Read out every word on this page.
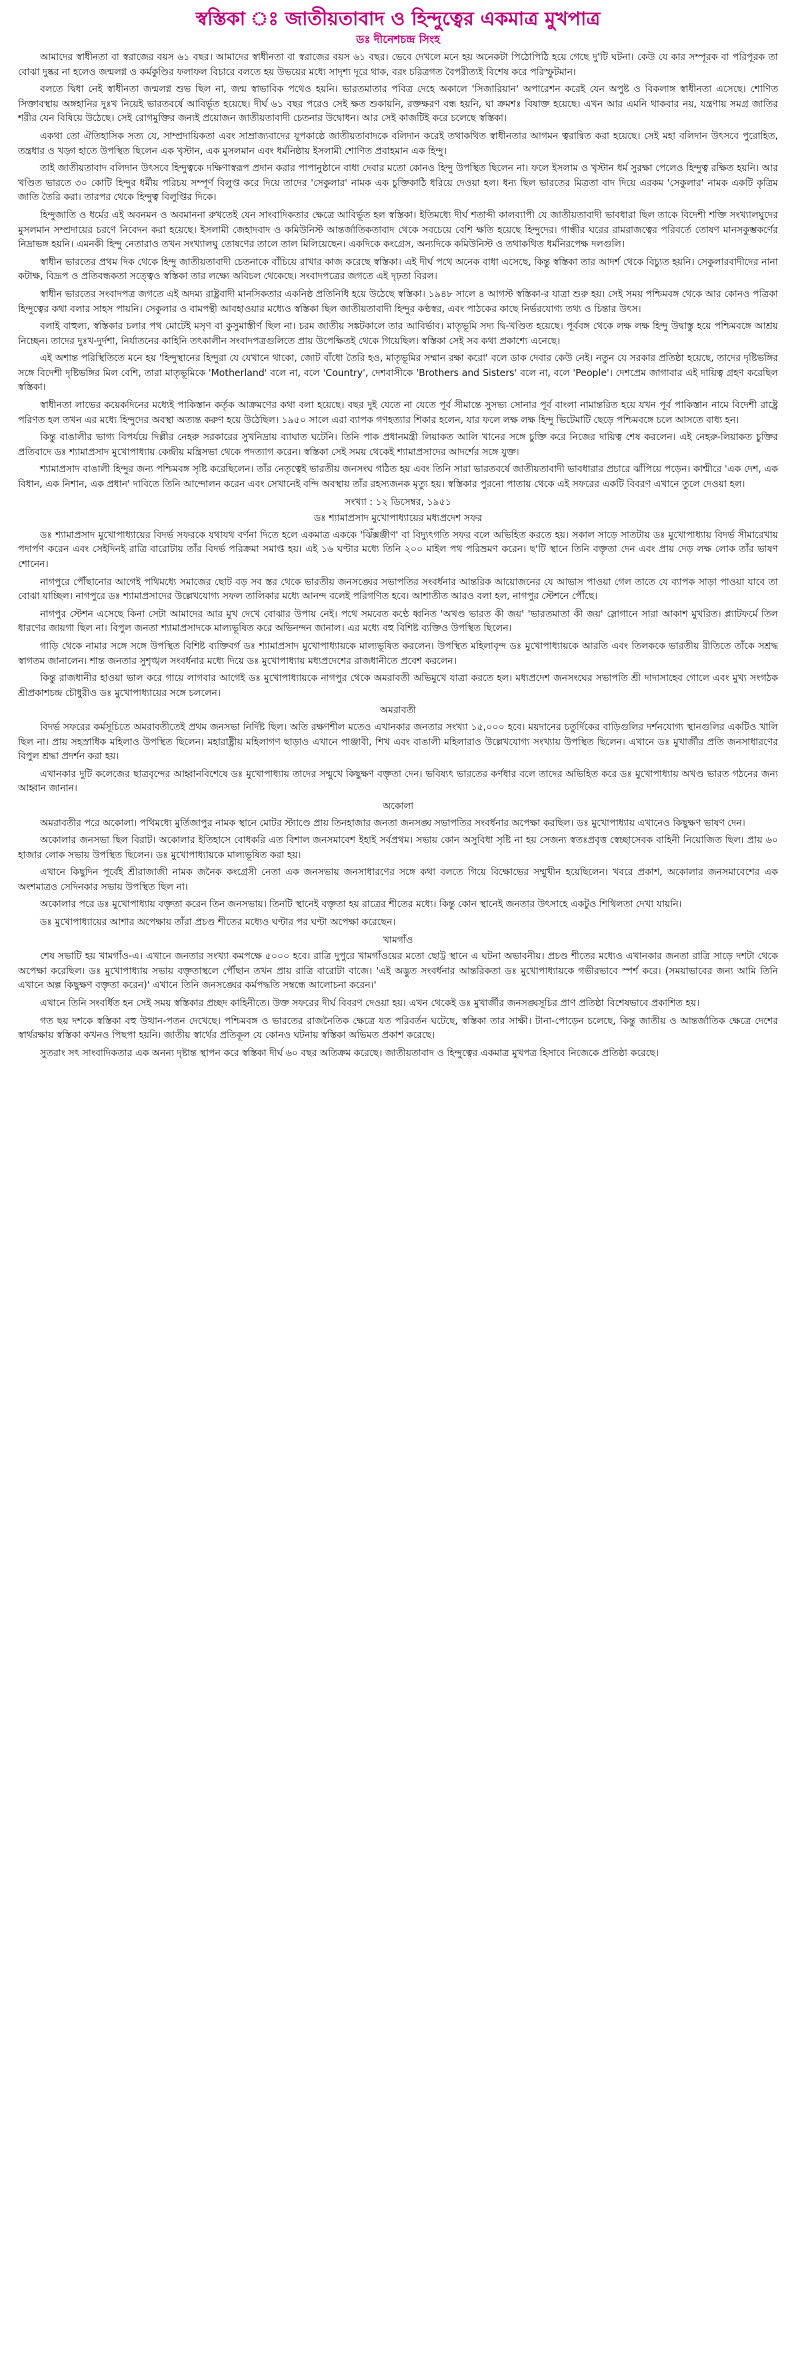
স্বস্তিকা ঃ জাতীয়তাবাদ ও হিন্দুত্বের একমাত্র মুখপাত্র
ডঃ দীনেশচন্দ্র সিংহ

আমাদের স্বাধীনতা বা স্বরাজের বয়স ৬১ বছর। আমাদের স্বাধীনতা বা স্বরাজের বয়স ৬১ বছর। ভেবে দেখলে মনে হয় অনেকটা পিঠোপিঠি হয়ে গেছে দু'টি ঘটনা। কেউ যে কার সম্পূরক বা পরিপূরক তা বোঝা দুষ্কর না হলেও জন্মলগ্ন ও কর্মকুণ্ডির ফলাফল বিচারে বলতে হয় উভয়ের মধ্যে সাদৃশ্য দূরে থাক, বরং চরিত্রগত বৈপরীত্যই বিশেষ করে পরিস্ফুটমান।

বলতে দ্বিধা নেই স্বাধীনতা জন্মলগ্ন শুভ ছিল না, জন্ম স্বাভাবিক পথেও হয়নি। ভারতমাতার পবিত্র দেহে অকালে 'সিজারিয়ান' অপারেশন করেই যেন অপুষ্ট ও বিকলাঙ্গ স্বাধীনতা এসেছে। শোণিত সিক্তাবস্থায় অঙ্গহানির দুঃখ নিয়েই ভারতবর্ষে আবির্ভূত হয়েছে। দীর্ঘ ৬১ বছর পরেও সেই ক্ষত শুকায়নি, রক্তক্ষরণ বন্ধ হয়নি, ঘা ক্রমশঃ বিষাক্ত হয়েছে। এখন আর এমনি থাকবার নয়, যন্ত্রণায় সমগ্র জাতির শরীর যেন বিষিয়ে উঠেছে। সেই রোগমুক্তির জন্যই প্রয়োজন জাতীয়তাবাদী চেতনার উদ্বোধন। আর সেই কাজটিই করে চলেছে স্বস্তিকা।

একথা তো ঐতিহাসিক সত্য যে, সাম্প্রদায়িকতা এবং সাম্রাজ্যবাদের যূপকাষ্ঠে জাতীয়তাবাদকে বলিদান করেই তথাকথিত স্বাধীনতার আগমন ত্বরান্বিত করা হয়েছে। সেই মহা বলিদান উৎসবে পুরোহিত, তন্ত্রধার ও খড়্গ হাতে উপস্থিত ছিলেন এক খৃস্টান, এক মুসলমান এবং ধর্মনিষ্ঠায় ইসলামী শোণিত প্রবাহমান এক হিন্দু।

তাই জাতীয়তাবাদ বলিদান উৎসবে হিন্দুত্বকে দক্ষিণাস্বরূপ প্রদান করার পাপানুষ্ঠানে বাধা দেবার মতো কোনও হিন্দু উপস্থিত ছিলেন না। ফলে ইসলাম ও খৃস্টান ধর্ম সুরক্ষা পেলেও হিন্দুত্ব রক্ষিত হয়নি। আর খণ্ডিত ভারতে ৩০ কোটি হিন্দুর ধর্মীয় পরিচয় সম্পূর্ণ বিলুপ্ত করে দিয়ে তাদের 'সেকুলার' নামক এক চুক্তিকাঠি ধরিয়ে দেওয়া হল। ধন্য ছিল ভারতের মিত্রতা বাদ দিয়ে এরকম 'সেকুলার' নামক একটি কৃত্রিম জাতি তৈরি করা। তারপর থেকে হিন্দুত্ব বিলুপ্তির দিকে।

হিন্দুজাতি ও ধর্মের এই অবনমন ও অবমাননা রুখতেই যেন সাংবাদিকতার ক্ষেত্রে আবির্ভূত হল স্বস্তিকা। ইতিমধ্যে দীর্ঘ শতাব্দী কালব্যাপী যে জাতীয়তাবাদী ভাবধারা ছিল তাকে বিদেশী শক্তি সংখ্যালঘুদের মুসলমান সম্প্রদায়ের চরণে নিবেদন করা হয়েছে। ইসলামী জেহাদবাদ ও কমিউনিস্ট আন্তর্জাতিকতাবাদ থেকে সবচেয়ে বেশি ক্ষতি হয়েছে হিন্দুদের। গান্ধীর ঘরের রামরাজত্বের পরিবর্তে তোষণ মানসকুম্ভকর্ণের নিদ্রাভঙ্গ হয়নি। এমনকী হিন্দু নেতারাও তখন সংখ্যালঘু তোষণের তালে তাল মিলিয়েছেন। একদিকে কংগ্রেস, অন্যদিকে কমিউনিস্ট ও তথাকথিত ধর্মনিরপেক্ষ দলগুলি।

স্বাধীন ভারতের প্রথম দিক থেকে হিন্দু জাতীয়তাবাদী চেতনাকে বাঁচিয়ে রাখার কাজ করেছে স্বস্তিকা। এই দীর্ঘ পথে অনেক বাধা এসেছে, কিন্তু স্বস্তিকা তার আদর্শ থেকে বিচ্যুত হয়নি। সেকুলারবাদীদের নানা কটাক্ষ, বিদ্রূপ ও প্রতিবন্ধকতা সত্ত্বেও স্বস্তিকা তার লক্ষ্যে অবিচল থেকেছে। সংবাদপত্রের জগতে এই দৃঢ়তা বিরল।

স্বাধীন ভারতের সংবাদপত্র জগতে এই অদম্য রাষ্ট্রবাদী মানসিকতার একনিষ্ঠ প্রতিনিধি হয়ে উঠেছে স্বস্তিকা। ১৯৪৮ সালে ৪ আগস্ট স্বস্তিকা-র যাত্রা শুরু হয়। সেই সময় পশ্চিমবঙ্গ থেকে আর কোনও পত্রিকা হিন্দুত্বের কথা বলার সাহস পায়নি। সেকুলার ও বামপন্থী আবহাওয়ার মধ্যেও স্বস্তিকা ছিল জাতীয়তাবাদী হিন্দুর কণ্ঠস্বর, এবং পাঠকের কাছে নির্ভরযোগ্য তথ্য ও চিন্তার উৎস।

বলাই বাহুল্য, স্বস্তিকার চলার পথ মোটেই মসৃণ বা কুসুমাস্তীর্ণ ছিল না। চরম জাতীয় সঙ্কটকালে তার আবির্ভাব। মাতৃভূমি সদ্য দ্বি-খণ্ডিত হয়েছে। পূর্ববঙ্গ থেকে লক্ষ লক্ষ হিন্দু উদ্বাস্তু হয়ে পশ্চিমবঙ্গে আশ্রয় নিচ্ছেন। তাদের দুঃখ-দুর্দশা, নির্যাতনের কাহিনি তৎকালীন সংবাদপত্রগুলিতে প্রায় উপেক্ষিতই থেকে গিয়েছিল। স্বস্তিকা সেই সব কথা প্রকাশ্যে এনেছে।

এই অশান্ত পরিস্থিতিতে মনে হয় 'হিন্দুস্থানের হিন্দুরা যে যেখানে থাকো, জোট বাঁধো তৈরি হও, মাতৃভূমির সম্মান রক্ষা করো' বলে ডাক দেবার কেউ নেই। নতুন যে সরকার প্রতিষ্ঠা হয়েছে, তাদের দৃষ্টিভঙ্গির সঙ্গে বিদেশী দৃষ্টিভঙ্গির মিল বেশি, তারা মাতৃভূমিকে 'Motherland' বলে না, বলে 'Country', দেশবাসীকে 'Brothers and Sisters' বলে না, বলে 'People'। দেশপ্রেম জাগাবার এই দায়িত্ব গ্রহণ করেছিল স্বস্তিকা।

স্বাধীনতা লাভের কয়েকদিনের মধ্যেই পাকিস্তান কর্তৃক আক্রমণের কথা বলা হয়েছে। বছর দুই যেতে না যেতে পূর্ব সীমান্তে সুসভ্য সোনার পূর্ব বাংলা নামান্তরিত হয়ে যখন পূর্ব পাকিস্তান নামে বিদেশী রাষ্ট্রে পরিণত হল তখন এর মধ্যে হিন্দুদের অবস্থা অত্যন্ত করুণ হয়ে উঠেছিল। ১৯৫০ সালে এরা ব্যাপক গণহত্যার শিকার হলেন, যার ফলে লক্ষ লক্ষ হিন্দু ভিটেমাটি ছেড়ে পশ্চিমবঙ্গে চলে আসতে বাধ্য হন।

কিন্তু বাঙালীর ভাগ্য বিপর্যয়ে দিল্লীর নেহরু সরকারের সুখনিদ্রায় ব্যাঘাত ঘটেনি। তিনি পাক প্রধানমন্ত্রী লিয়াকত আলি খানের সঙ্গে চুক্তি করে নিজের দায়িত্ব শেষ করলেন। এই নেহরু-লিয়াকত চুক্তির প্রতিবাদে ডঃ শ্যামাপ্রসাদ মুখোপাধ্যায় কেন্দ্রীয় মন্ত্রিসভা থেকে পদত্যাগ করেন। স্বস্তিকা সেই সময় থেকেই শ্যামাপ্রসাদের আদর্শের সঙ্গে যুক্ত।

শ্যামাপ্রসাদ বাঙালী হিন্দুর জন্য পশ্চিমবঙ্গ সৃষ্টি করেছিলেন। তাঁর নেতৃত্বেই ভারতীয় জনসংঘ গঠিত হয় এবং তিনি সারা ভারতবর্ষে জাতীয়তাবাদী ভাবধারার প্রচারে ঝাঁপিয়ে পড়েন। কাশ্মীরে 'এক দেশ, এক বিধান, এক নিশান, এক প্রধান' দাবিতে তিনি আন্দোলন করেন এবং সেখানেই বন্দি অবস্থায় তাঁর রহস্যজনক মৃত্যু হয়। স্বস্তিকার পুরনো পাতায় থেকে এই সফরের একটি বিবরণ এখানে তুলে দেওয়া হল।

সংখ্যা : ১২ ডিসেম্বর, ১৯৫১
ডঃ শ্যামাপ্রসাদ মুখোপাধ্যায়ের মধ্যপ্রদেশ সফর

ডঃ শ্যামাপ্রসাদ মুখোপাধ্যায়ের বিদর্ভ সফরকে যথাযথ বর্ণনা দিতে হলে একমাত্র এককে 'ঝিঁক্সঞ্জীণ' বা বিদ্যুৎগতি সফর বলে অভিহিত করতে হয়। সকাল সাড়ে সাতটায় ডঃ মুখোপাধ্যায় বিদর্ভ সীমারেখায় পদার্পণ করেন এবং সেইদিনই রাত্রি বারোটায় তাঁর বিদর্ভ পরিক্রমা সমাপ্ত হয়। এই ১৬ ঘণ্টার মধ্যে তিনি ২০০ মাইল পথ পরিভ্রমণ করেন। ছ'টি স্থানে তিনি বক্তৃতা দেন এবং প্রায় দেড় লক্ষ লোক তাঁর ভাষণ শোনেন।

নাগপুরে পৌঁছানোর আগেই পথিমধ্যে সমাজের ছোট বড় সব স্তর থেকে ভারতীয় জনসঙ্ঘের সভাপতির সংবর্ধনার আন্তরিক আয়োজনের যে আভাস পাওয়া গেল তাতে যে ব্যাপক সাড়া পাওয়া যাবে তা বোঝা যাচ্ছিল। নাগপুরে ডঃ শ্যামাপ্রসাদের উল্লেখযোগ্য সফল তালিকার মধ্যে আনন্দ বলেই পরিগণিত হবে। আশাতীত আরও বলা হল, নাগপুর স্টেশনে পৌঁছে।

নাগপুর স্টেশন এসেছে কিনা সেটা আমাদের আর মুখ দেখে বোঝার উপায় নেই। পথে সমবেত কণ্ঠে ধ্বনিত 'অখণ্ড ভারত কী জয়' 'ভারতমাতা কী জয়' স্লোগানে সারা আকাশ মুখরিত। প্ল্যাটফর্মে তিল ধারণের জায়গা ছিল না। বিপুল জনতা শ্যামাপ্রসাদকে মাল্যভূষিত করে অভিনন্দন জানাল। এর মধ্যে বহু বিশিষ্ট ব্যক্তিও উপস্থিত ছিলেন।

গাড়ি থেকে নামার সঙ্গে সঙ্গে উপস্থিত বিশিষ্ট ব্যক্তিবর্গ ডঃ শ্যামাপ্রসাদ মুখোপাধ্যায়কে মাল্যভূষিত করলেন। উপস্থিত মহিলাবৃন্দ ডঃ মুখোপাধ্যায়কে আরতি এবং তিলককে ভারতীয় রীতিতে তাঁকে সশ্রদ্ধ স্বাগতম জানালেন। শান্ত জনতার সুশৃঙ্খল সংবর্ধনার মধ্যে দিয়ে ডঃ মুখোপাধ্যায় মধ্যপ্রদেশের রাজধানীতে প্রবেশ করলেন।

কিন্তু রাজধানীর হাওয়া ভাল করে গায়ে লাগবার আগেই ডঃ মুখোপাধ্যায়কে নাগপুর থেকে অমরাবতী অভিমুখে যাত্রা করতে হল। মধ্যপ্রদেশ জনসংঘের সভাপতি শ্রী দাদাসাহেব গোলে এবং মুখ্য সংগঠক শ্রীপ্রকাশচন্দ্র চৌধুরীও ডঃ মুখোপাধ্যায়ের সঙ্গে চললেন।

অমরাবতী

বিদর্ভ সফরের কর্মসূচিতে অমরাবতীতেই প্রথম জনসভা নির্দিষ্ট ছিল। অতি রক্ষণশীল মতেও এখানকার জনতার সংখ্যা ১৫,০০০ হবে। ময়দানের চতুর্দিকের বাড়িগুলির দর্শনযোগ্য স্থানগুলির একটিও খালি ছিল না। প্রায় সহস্রাধিক মহিলাও উপস্থিত ছিলেন। মহারাষ্ট্রীয় মহিলাগণ ছাড়াও এখানে পাঞ্জাবী, শিখ এবং বাঙালী মহিলারাও উল্লেখযোগ্য সংখ্যায় উপস্থিত ছিলেন। এখানে ডঃ মুখার্জীর প্রতি জনসাধারণের বিপুল শ্রদ্ধা প্রদর্শন করা হয়।

এখানকার দুটি কলেজের ছাত্রবৃন্দের আহ্বানবিশেষে ডঃ মুখোপাধ্যায় তাদের সম্মুখে কিছুক্ষণ বক্তৃতা দেন। ভবিষ্যৎ ভারতের কর্ণধার বলে তাদের অভিহিত করে ডঃ মুখোপাধ্যায় অখণ্ড ভারত গঠনের জন্য আহ্বান জানান।

অকোলা

অমরাবতীর পরে অকোলা। পথিমধ্যে মুর্তিজাপুর নামক স্থানে মোটর স্ট্যাণ্ডে প্রায় তিনহাজার জনতা জনসঙ্ঘ সভাপতির সংবর্ধনার অপেক্ষা করছিল। ডঃ মুখোপাধ্যায় এখানেও কিছুক্ষণ ভাষণ দেন।

অকোলার জনসভা ছিল বিরাট। অকোলার ইতিহাসে বোধকরি এত বিশাল জনসমাবেশ ইহাই সর্বপ্রথম। সভায় কোন অসুবিধা সৃষ্টি না হয় সেজন্য স্বতঃপ্রবৃত্ত স্বেচ্ছাসেবক বাহিনী নিয়োজিত ছিল। প্রায় ৬০ হাজার লোক সভায় উপস্থিত ছিলেন। ডঃ মুখোপাধ্যায়কে মাল্যভূষিত করা হয়।

এখানে কিছুদিন পূর্বেই শ্রীরাজাজী নামক জনৈক কংগ্রেসী নেতা এক জনসভায় জনসাধারণের সঙ্গে কথা বলতে গিয়ে বিক্ষোভের সম্মুখীন হয়েছিলেন। খবরে প্রকাশ, অকোলার জনসমাবেশের এক অংশমাত্রও সেদিনকার সভায় উপস্থিত ছিল না।

অকোলার পরে ডঃ মুখোপাধ্যায় বক্তৃতা করেন তিন জনসভায়। তিনটি স্থানেই বক্তৃতা হয় রাত্রের শীতের মধ্যে। কিন্তু কোন স্থানেই জনতার উৎসাহে একটুও শিথিলতা দেখা যায়নি।

ডঃ মুখোপাধ্যায়ের আশার অপেক্ষায় তাঁরা প্রচণ্ড শীতের মধ্যেও ঘণ্টার পর ঘণ্টা অপেক্ষা করেছেন।

খামগাঁও

শেষ সভাটি হয় খামগাঁও-এ। এখানে জনতার সংখ্যা কমপক্ষে ৫০০০ হবে। রাত্রি দুপুরে খামগাঁওয়ের মতো ছোট্ট স্থানে এ ঘটনা অভাবনীয়। প্রচণ্ড শীতের মধ্যেও এখানকার জনতা রাত্রি সাড়ে দশটা থেকে অপেক্ষা করেছিল। ডঃ মুখোপাধ্যায় সভায় বক্তৃতাস্থলে পৌঁছান তখন প্রায় রাত্রি বারোটা বাজে। 'এই অদ্ভুত সংবর্ধনার আন্তরিকতা ডঃ মুখোপাধ্যায়কে গভীরভাবে স্পর্শ করে। (সময়াভাবের জন্য আমি তিনি এখানে অল্প কিছুক্ষণ বক্তৃতা করেন)' এখানে তিনি জনসঙ্ঘের কর্মপদ্ধতি সম্বন্ধে আলোচনা করেন।'

এখানে তিনি সংবর্ধিত হন সেই সময় স্বস্তিকার প্রচ্ছদ কাহিনীতে। উক্ত সফরের দীর্ঘ বিবরণ দেওয়া হয়। এখন থেকেই ডঃ মুখার্জীর জনসঙ্ঘসূচির প্রাণ প্রতিষ্ঠা বিশেষভাবে প্রকাশিত হয়।

গত ছয় দশকে স্বস্তিকা বহু উত্থান-পতন দেখেছে। পশ্চিমবঙ্গ ও ভারতের রাজনৈতিক ক্ষেত্রে যত পরিবর্তন ঘটেছে, স্বস্তিকা তার সাক্ষী। টানা-পোড়েন চলেছে, কিন্তু জাতীয় ও আন্তর্জাতিক ক্ষেত্রে দেশের স্বার্থরক্ষায় স্বস্তিকা কখনও পিছপা হয়নি। জাতীয় স্বার্থের প্রতিকূল যে কোনও ঘটনায় স্বস্তিকা অভিমত প্রকাশ করেছে।

সুতরাং সৎ সাংবাদিকতার এক অনন্য দৃষ্টান্ত স্থাপন করে স্বস্তিকা দীর্ঘ ৬০ বছর অতিক্রম করেছে। জাতীয়তাবাদ ও হিন্দুত্বের একমাত্র মুখপত্র হিসাবে নিজেকে প্রতিষ্ঠা করেছে।
